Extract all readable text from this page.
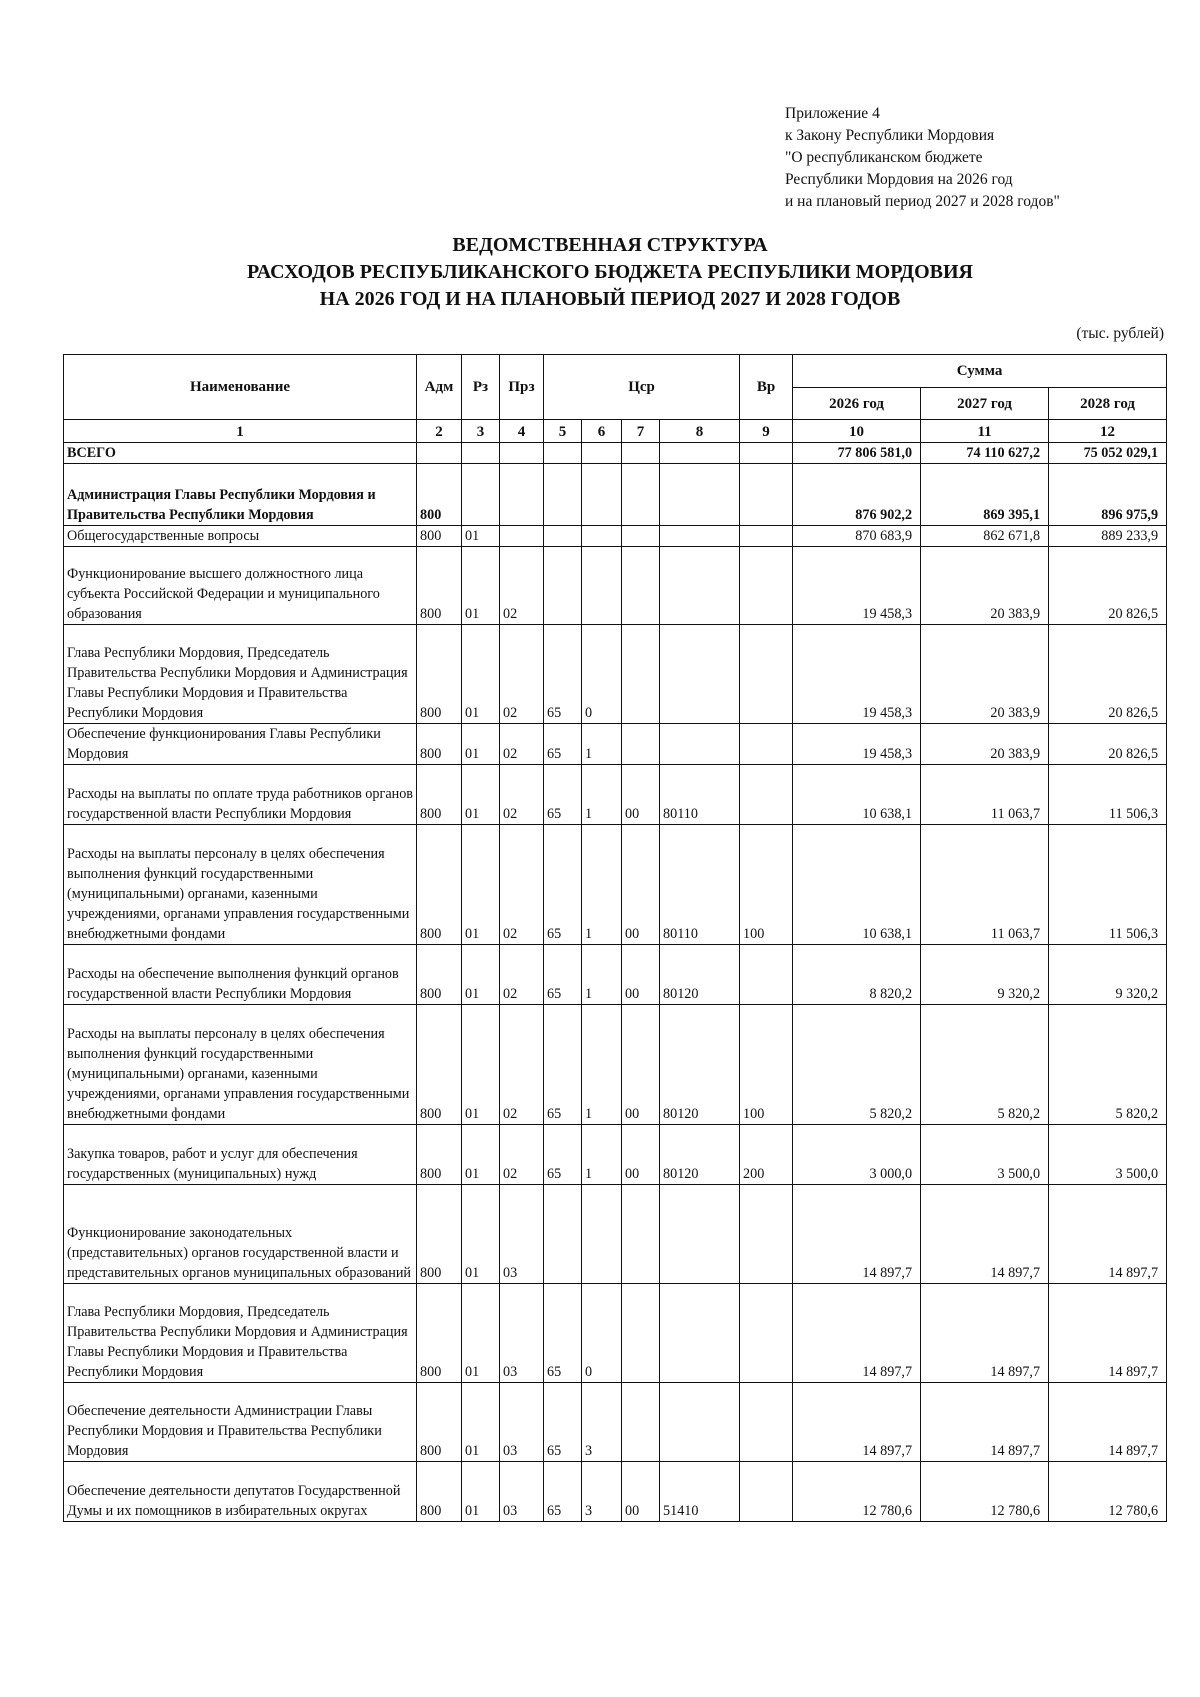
Приложение 4
к Закону Республики Мордовия
"О республиканском бюджете
Республики Мордовия на 2026 год
и на плановый период 2027 и 2028 годов"
ВЕДОМСТВЕННАЯ СТРУКТУРА
РАСХОДОВ РЕСПУБЛИКАНСКОГО БЮДЖЕТА РЕСПУБЛИКИ МОРДОВИЯ
НА 2026 ГОД И НА ПЛАНОВЫЙ ПЕРИОД 2027 И 2028 ГОДОВ
(тыс. рублей)
Наименование	Адм	Рз	Прз	Цср				Вр	Сумма		
									2026 год	2027 год	2028 год
1	2	3	4	5	6	7	8	9	10	11	12
ВСЕГО									77 806 581,0	74 110 627,2	75 052 029,1
Администрация Главы Республики Мордовия и Правительства Республики Мордовия	800								876 902,2	869 395,1	896 975,9
Общегосударственные вопросы	800	01							870 683,9	862 671,8	889 233,9
Функционирование высшего должностного лица субъекта Российской Федерации и муниципального образования	800	01	02						19 458,3	20 383,9	20 826,5
Глава Республики Мордовия, Председатель Правительства Республики Мордовия и Администрация Главы Республики Мордовия и Правительства Республики Мордовия	800	01	02	65	0				19 458,3	20 383,9	20 826,5
Обеспечение функционирования Главы Республики Мордовия	800	01	02	65	1				19 458,3	20 383,9	20 826,5
Расходы на выплаты по оплате труда работников органов государственной власти Республики Мордовия	800	01	02	65	1	00	80110		10 638,1	11 063,7	11 506,3
Расходы на выплаты персоналу в целях обеспечения выполнения функций государственными (муниципальными) органами, казенными учреждениями, органами управления государственными внебюджетными фондами	800	01	02	65	1	00	80110	100	10 638,1	11 063,7	11 506,3
Расходы на обеспечение выполнения функций органов государственной власти Республики Мордовия	800	01	02	65	1	00	80120		8 820,2	9 320,2	9 320,2
Расходы на выплаты персоналу в целях обеспечения выполнения функций государственными (муниципальными) органами, казенными учреждениями, органами управления государственными внебюджетными фондами	800	01	02	65	1	00	80120	100	5 820,2	5 820,2	5 820,2
Закупка товаров, работ и услуг для обеспечения государственных (муниципальных) нужд	800	01	02	65	1	00	80120	200	3 000,0	3 500,0	3 500,0
Функционирование законодательных (представительных) органов государственной власти и представительных органов муниципальных образований	800	01	03						14 897,7	14 897,7	14 897,7
Глава Республики Мордовия, Председатель Правительства Республики Мордовия и Администрация Главы Республики Мордовия и Правительства Республики Мордовия	800	01	03	65	0				14 897,7	14 897,7	14 897,7
Обеспечение деятельности Администрации Главы Республики Мордовия и Правительства Республики Мордовия	800	01	03	65	3				14 897,7	14 897,7	14 897,7
Обеспечение деятельности депутатов Государственной Думы и их помощников в избирательных округах	800	01	03	65	3	00	51410		12 780,6	12 780,6	12 780,6
